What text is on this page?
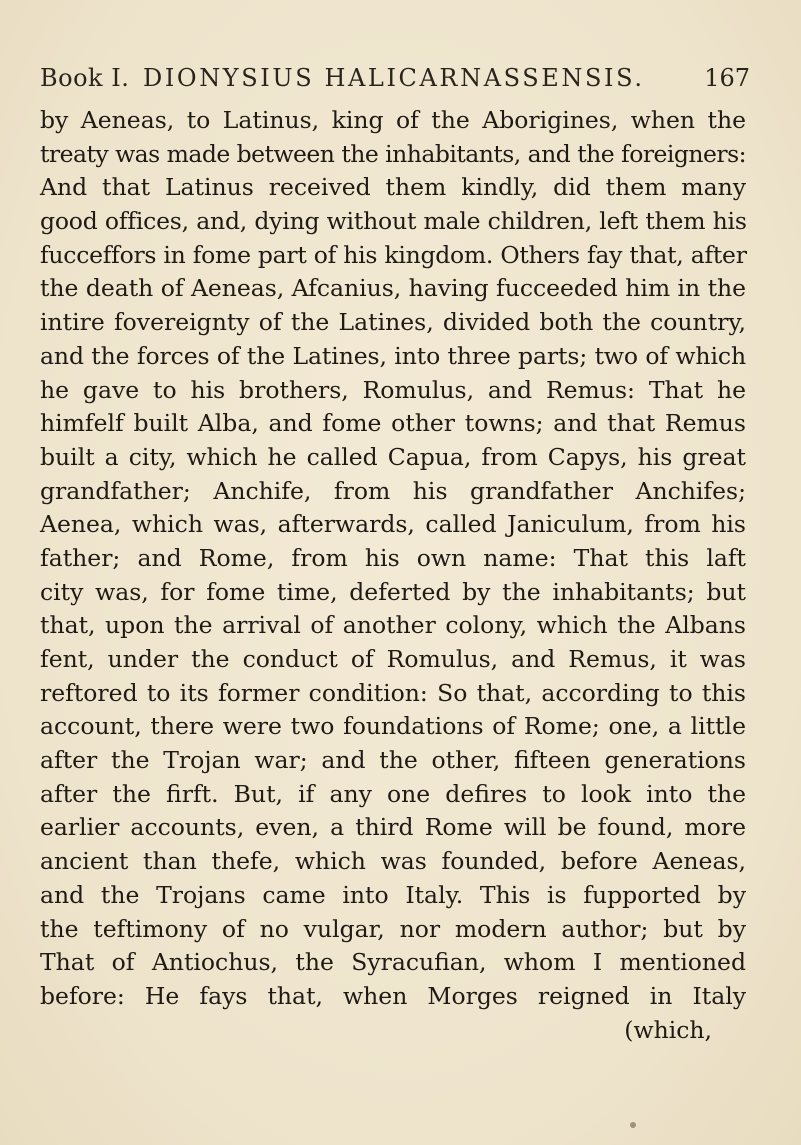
Book I. DIONYSIUS HALICARNASSENSIS. 167
by Aeneas, to Latinus, king of the Aborigines, when the
treaty was made between the inhabitants, and the foreigners:
And that Latinus received them kindly, did them many
good offices, and, dying without male children, left them his
fucceffors in fome part of his kingdom. Others fay that, after
the death of Aeneas, Afcanius, having fucceeded him in the
intire fovereignty of the Latines, divided both the country,
and the forces of the Latines, into three parts; two of which
he gave to his brothers, Romulus, and Remus: That he
himfelf built Alba, and fome other towns; and that Remus
built a city, which he called Capua, from Capys, his great
grandfather; Anchife, from his grandfather Anchifes;
Aenea, which was, afterwards, called Janiculum, from his
father; and Rome, from his own name: That this laft
city was, for fome time, deferted by the inhabitants; but
that, upon the arrival of another colony, which the Albans
fent, under the conduct of Romulus, and Remus, it was
reftored to its former condition: So that, according to this
account, there were two foundations of Rome; one, a little
after the Trojan war; and the other, fifteen generations
after the firft. But, if any one defires to look into the
earlier accounts, even, a third Rome will be found, more
ancient than thefe, which was founded, before Aeneas,
and the Trojans came into Italy. This is fupported by
the teftimony of no vulgar, nor modern author; but by
That of Antiochus, the Syracufian, whom I mentioned
before: He fays that, when Morges reigned in Italy
(which,
